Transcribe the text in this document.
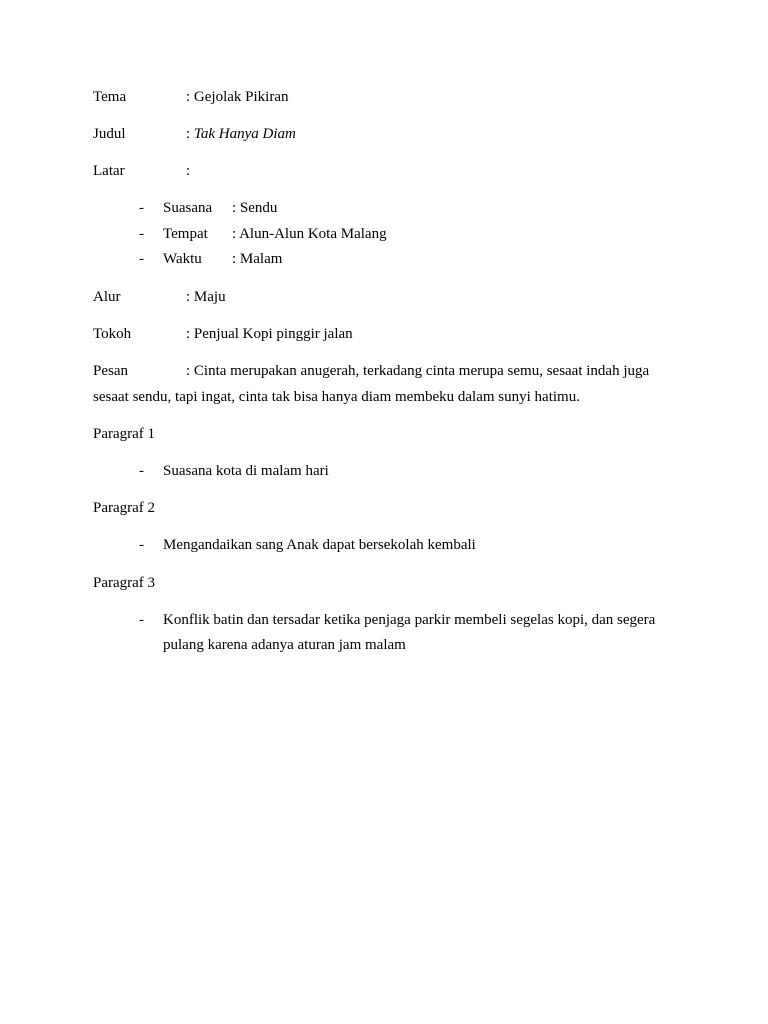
Tema	: Gejolak Pikiran
Judul	: Tak Hanya Diam
Latar	:
- Suasana : Sendu
- Tempat : Alun-Alun Kota Malang
- Waktu : Malam
Alur	: Maju
Tokoh	: Penjual Kopi pinggir jalan
Pesan	: Cinta merupakan anugerah, terkadang cinta merupa semu, sesaat indah juga
sesaat sendu, tapi ingat, cinta tak bisa hanya diam membeku dalam sunyi hatimu.
Paragraf 1
- Suasana kota di malam hari
Paragraf 2
- Mengandaikan sang Anak dapat bersekolah kembali
Paragraf 3
- Konflik batin dan tersadar ketika penjaga parkir membeli segelas kopi, dan segera
pulang karena adanya aturan jam malam
